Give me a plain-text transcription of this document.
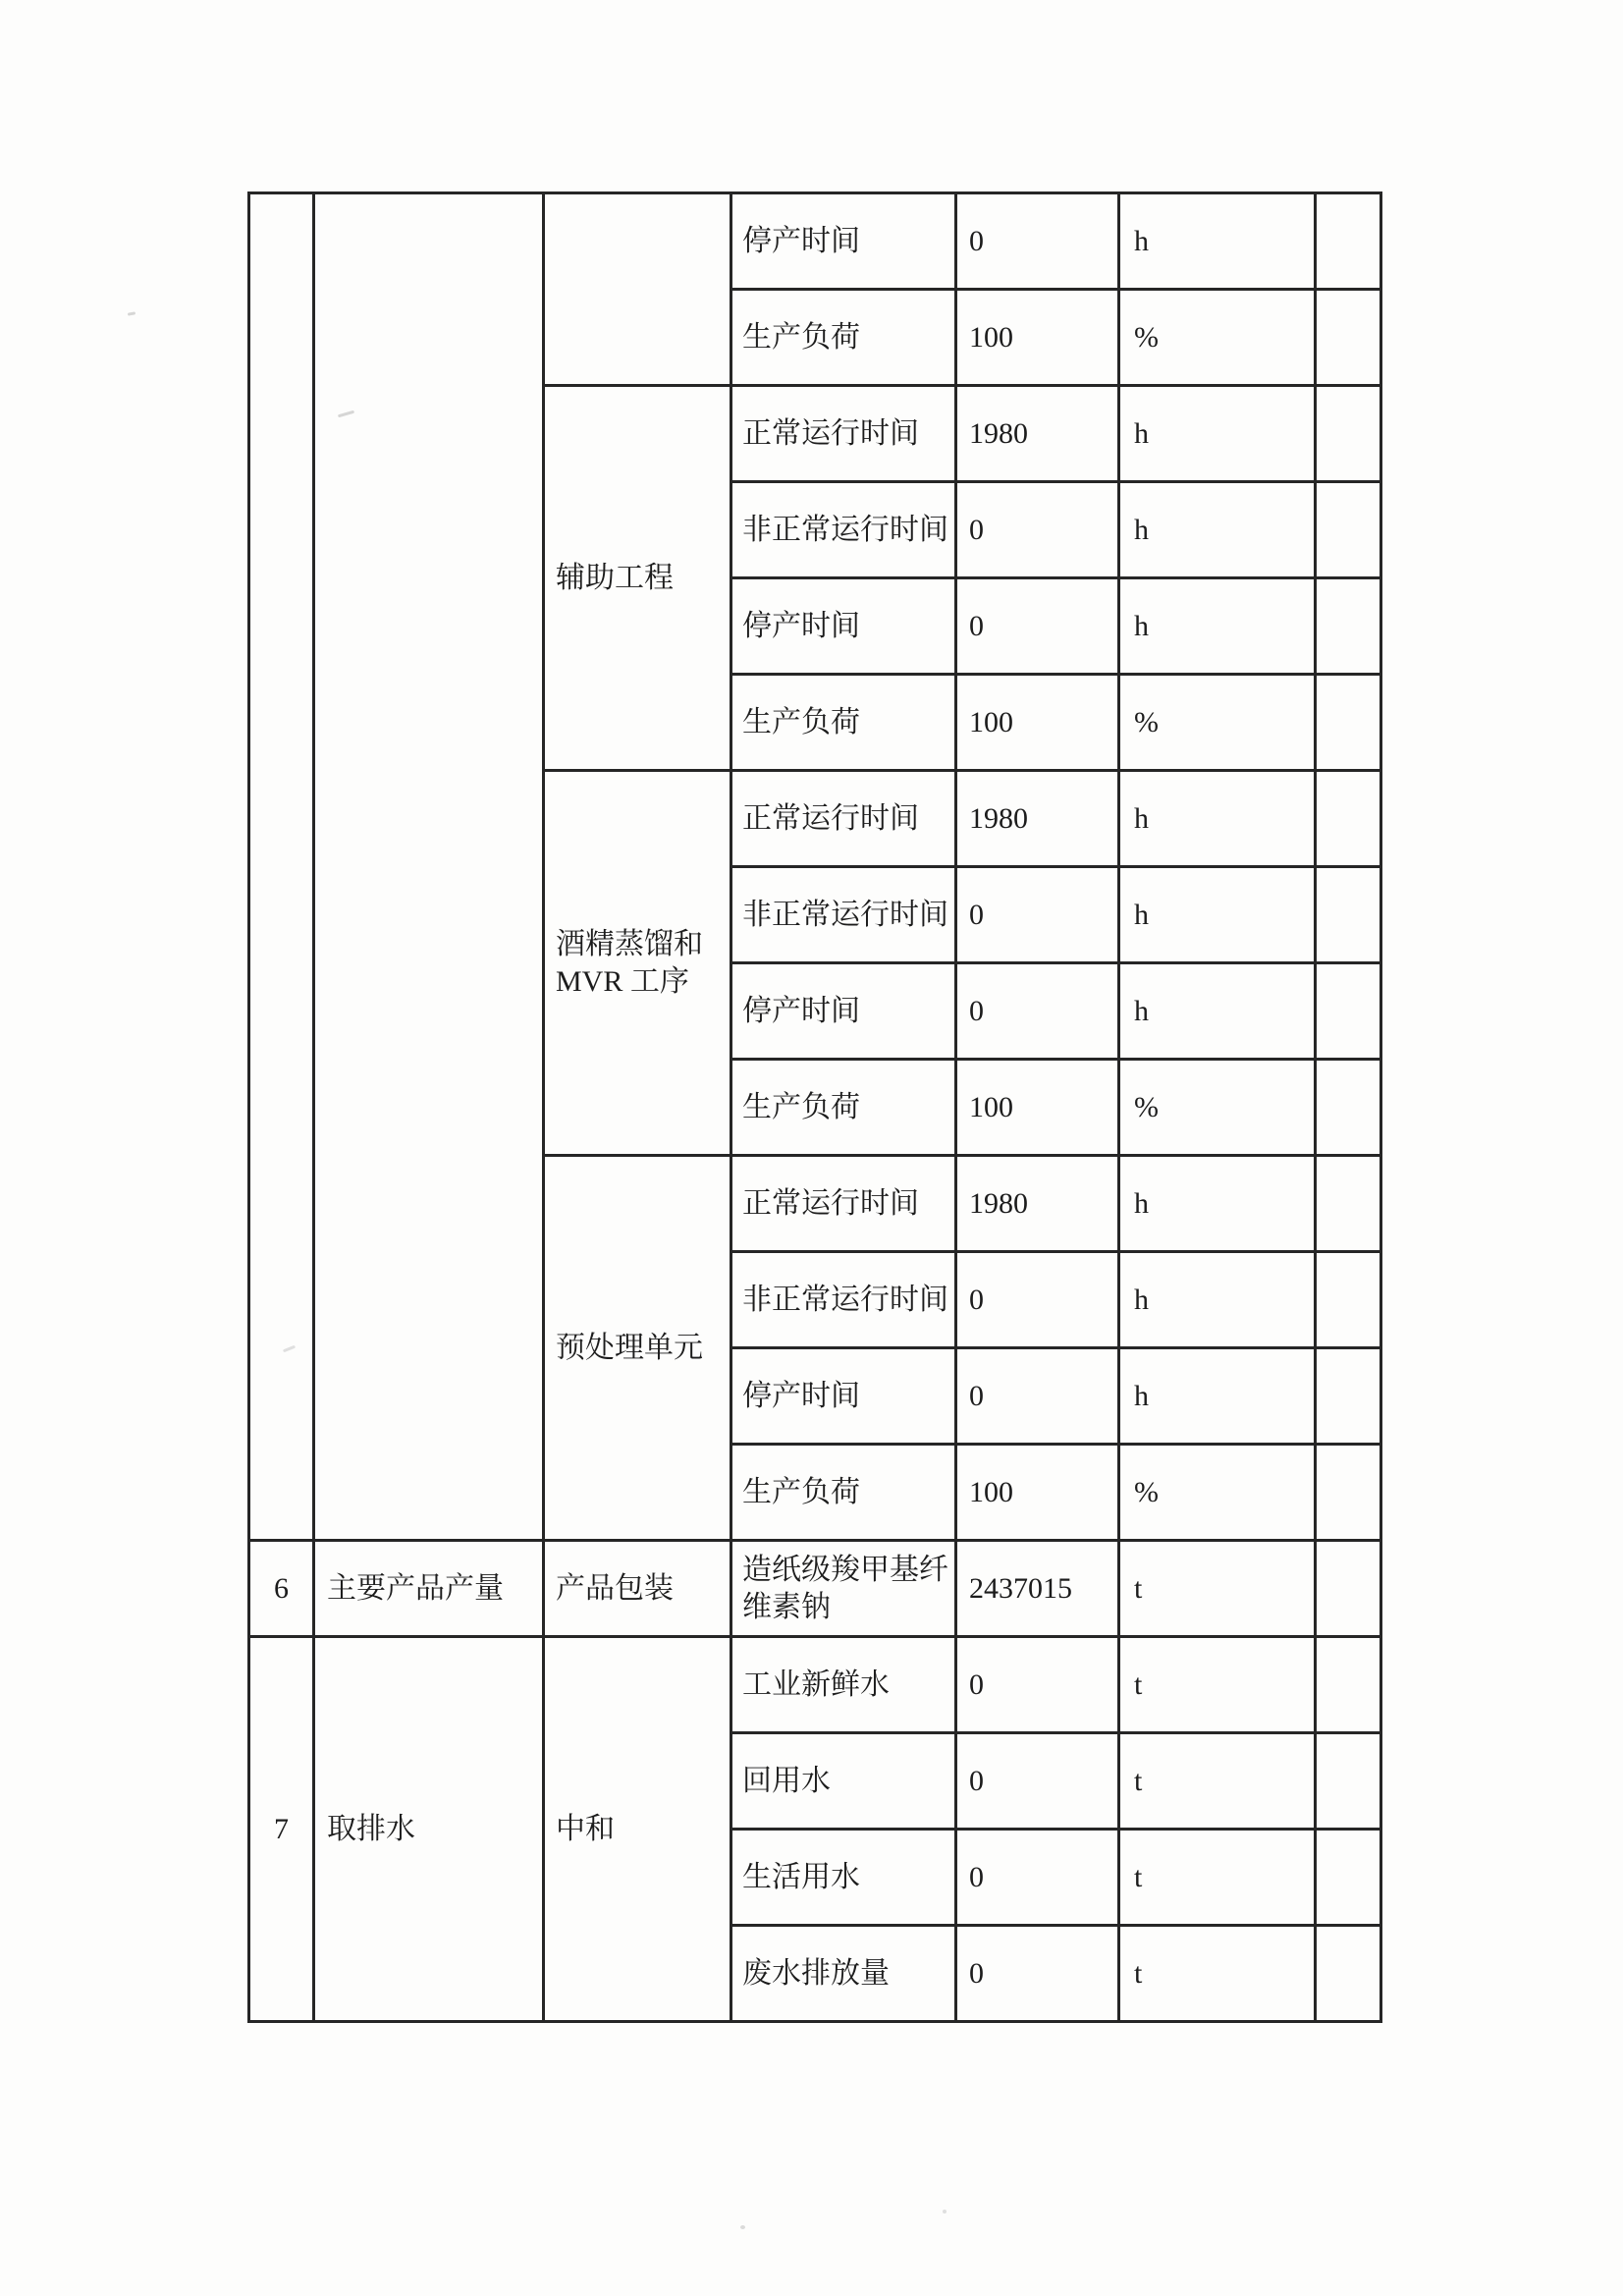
			停产时间	0	h	
			生产负荷	100	%	
		辅助工程	正常运行时间	1980	h	
			非正常运行时间	0	h	
			停产时间	0	h	
			生产负荷	100	%	
		酒精蒸馏和MVR 工序	正常运行时间	1980	h	
			非正常运行时间	0	h	
			停产时间	0	h	
			生产负荷	100	%	
		预处理单元	正常运行时间	1980	h	
			非正常运行时间	0	h	
			停产时间	0	h	
			生产负荷	100	%	
6	主要产品产量	产品包装	造纸级羧甲基纤维素钠	2437015	t	
7	取排水	中和	工业新鲜水	0	t	
			回用水	0	t	
			生活用水	0	t	
			废水排放量	0	t	
